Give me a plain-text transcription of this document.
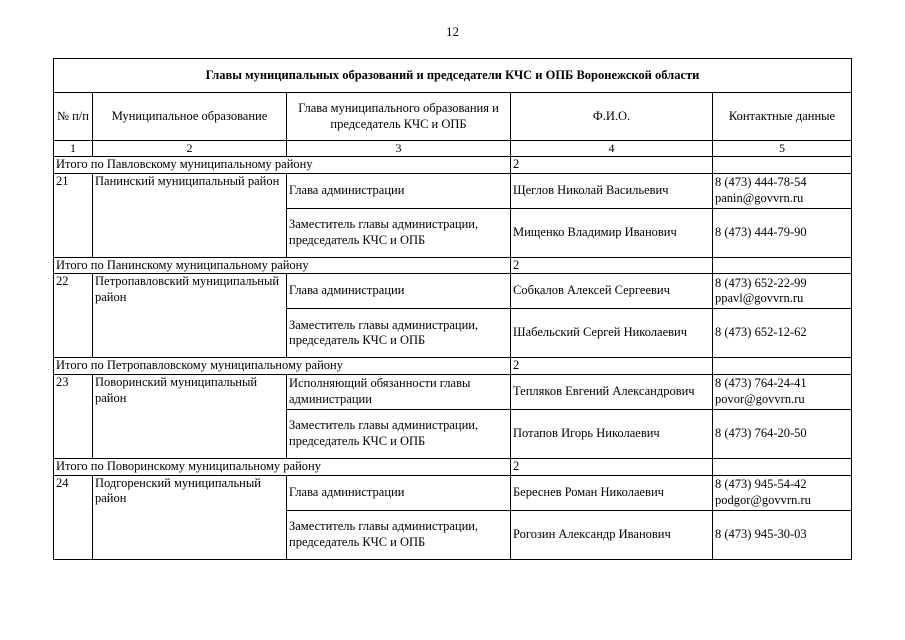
12
Главы муниципальных образований и председатели КЧС и ОПБ Воронежской области				
№ п/п	Муниципальное образование	Глава муниципального образования и председатель КЧС и ОПБ	Ф.И.О.	Контактные данные
1	2	3	4	5
Итого по Павловскому муниципальному району			2	
21	Панинский муниципальный район	Глава администрации	Щеглов Николай Васильевич	8 (473) 444-78-54
panin@govvrn.ru

		Заместитель главы администрации, председатель КЧС и ОПБ	Мищенко Владимир Иванович	8 (473) 444-79-90

Итого по Панинскому муниципальному району			2	
22	Петропавловский муниципальный район	Глава администрации	Собкалов Алексей Сергеевич	8 (473) 652-22-99
ppavl@govvrn.ru

		Заместитель главы администрации, председатель КЧС и ОПБ	Шабельский Сергей Николаевич	8 (473) 652-12-62

Итого по Петропавловскому муниципальному району			2	
23	Поворинский муниципальный район	Исполняющий обязанности главы администрации	Тепляков Евгений Александрович	8 (473) 764-24-41
povor@govvrn.ru

		Заместитель главы администрации, председатель КЧС и ОПБ	Потапов Игорь Николаевич	8 (473) 764-20-50

Итого по Поворинскому муниципальному району			2	
24	Подгоренский муниципальный район	Глава администрации	Береснев Роман Николаевич	8 (473) 945-54-42
podgor@govvrn.ru

		Заместитель главы администрации, председатель КЧС и ОПБ	Рогозин Александр Иванович	8 (473) 945-30-03
